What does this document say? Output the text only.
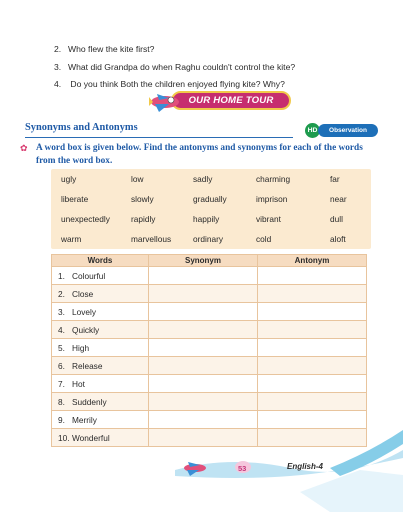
2. Who flew the kite first?
3. What did Grandpa do when Raghu couldn't control the kite?
4. Do you think Both the children enjoyed flying kite? Why?
OUR HOME TOUR
Synonyms and Antonyms	HD	Observation
✿ A word box is given below. Find the antonyms and synonyms for each of the words from the word box.
ugly	low	sadly	charming	far
liberate	slowly	gradually	imprison	near
unexpectedly	rapidly	happily	vibrant	dull
warm	marvellous	ordinary	cold	aloft
Words	Synonym	Antonym
1. Colourful		
2. Close		
3. Lovely		
4. Quickly		
5. High		
6. Release		
7. Hot		
8. Suddenly		
9. Merrily		
10. Wonderful		
53	English-4
